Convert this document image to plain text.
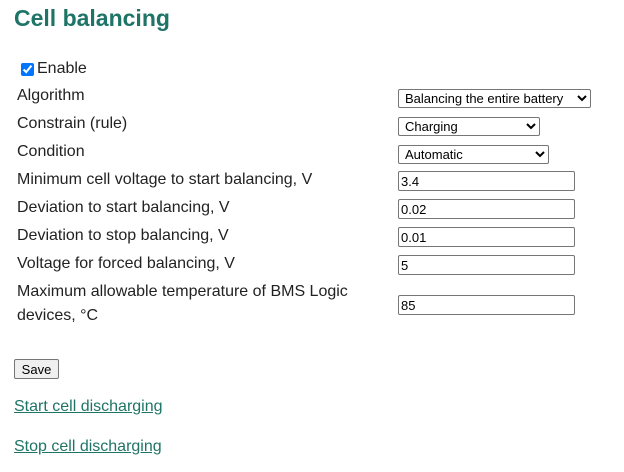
Cell balancing
Enable
Algorithm
Balancing the entire battery
Constrain (rule)
Charging
Condition
Automatic
Minimum cell voltage to start balancing, V
3.4
Deviation to start balancing, V
0.02
Deviation to stop balancing, V
0.01
Voltage for forced balancing, V
5
Maximum allowable temperature of BMS Logic
devices, °C
85
Save
Start cell discharging
Stop cell discharging
